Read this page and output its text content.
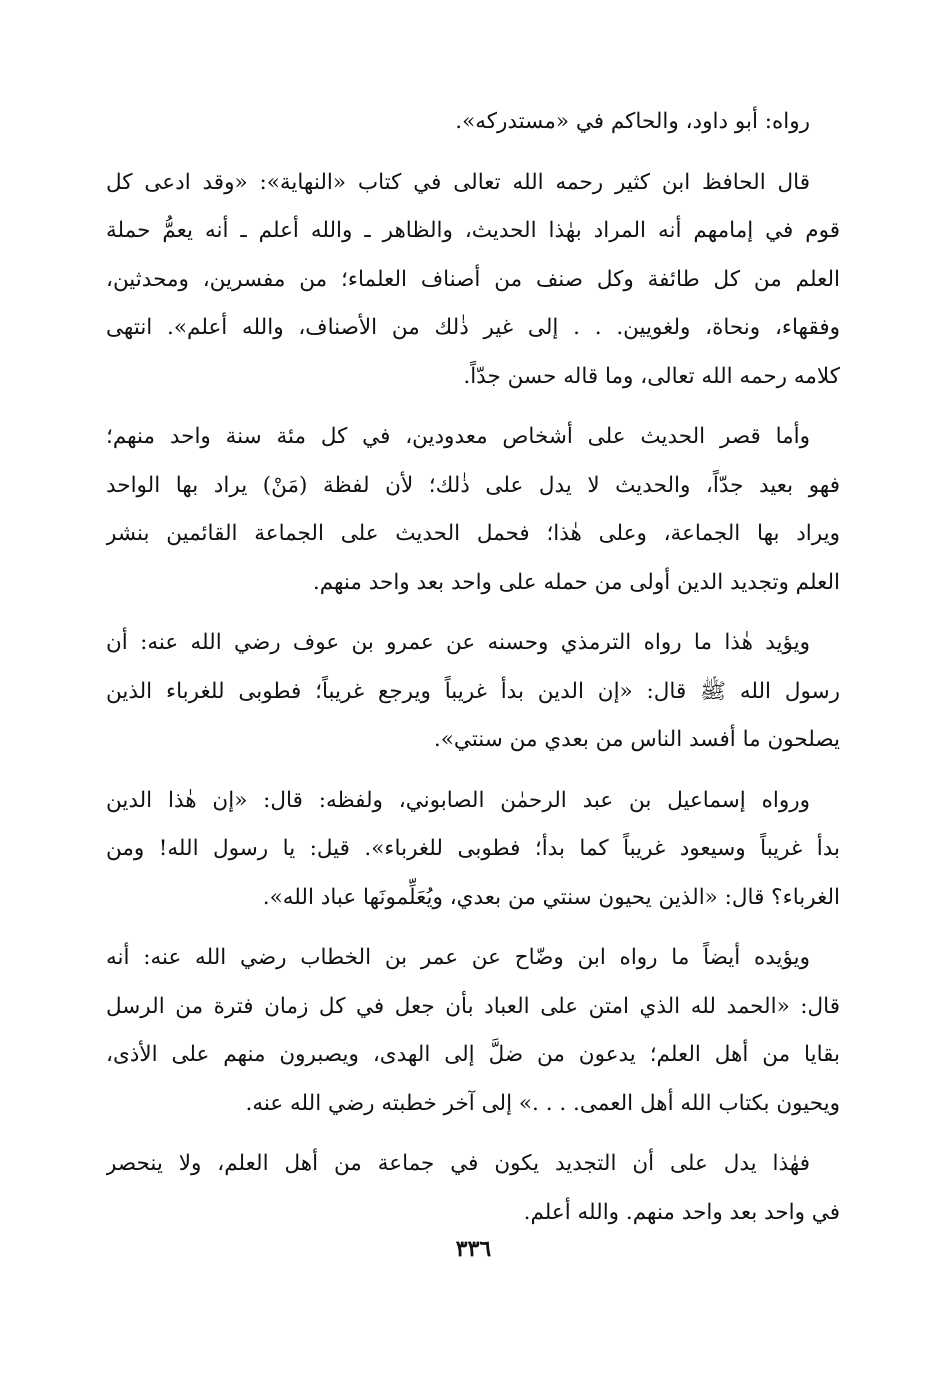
رواه: أبو داود، والحاكم في «مستدركه».

قال الحافظ ابن كثير رحمه الله تعالى في كتاب «النهاية»: «وقد ادعى كل
قوم في إمامهم أنه المراد بهٰذا الحديث، والظاهر ـ والله أعلم ـ أنه يعمُّ حملة
العلم من كل طائفة وكل صنف من أصناف العلماء؛ من مفسرين، ومحدثين،
وفقهاء، ونحاة، ولغويين. . . إلى غير ذٰلك من الأصناف، والله أعلم». انتهى
كلامه رحمه الله تعالى، وما قاله حسن جدّاً.

وأما قصر الحديث على أشخاص معدودين، في كل مئة سنة واحد منهم؛
فهو بعيد جدّاً، والحديث لا يدل على ذٰلك؛ لأن لفظة (مَنْ) يراد بها الواحد
ويراد بها الجماعة، وعلى هٰذا؛ فحمل الحديث على الجماعة القائمين بنشر
العلم وتجديد الدين أولى من حمله على واحد بعد واحد منهم.

ويؤيد هٰذا ما رواه الترمذي وحسنه عن عمرو بن عوف رضي الله عنه: أن
رسول الله ﷺ قال: «إن الدين بدأ غريباً ويرجع غريباً؛ فطوبى للغرباء الذين
يصلحون ما أفسد الناس من بعدي من سنتي».

ورواه إسماعيل بن عبد الرحمٰن الصابوني، ولفظه: قال: «إن هٰذا الدين
بدأ غريباً وسيعود غريباً كما بدأ؛ فطوبى للغرباء». قيل: يا رسول الله! ومن
الغرباء؟ قال: «الذين يحيون سنتي من بعدي، ويُعَلِّمونَها عباد الله».

ويؤيده أيضاً ما رواه ابن وضّاح عن عمر بن الخطاب رضي الله عنه: أنه
قال: «الحمد لله الذي امتن على العباد بأن جعل في كل زمان فترة من الرسل
بقايا من أهل العلم؛ يدعون من ضلَّ إلى الهدى، ويصبرون منهم على الأذى،
ويحيون بكتاب الله أهل العمى. . . .» إلى آخر خطبته رضي الله عنه.

فهٰذا يدل على أن التجديد يكون في جماعة من أهل العلم، ولا ينحصر
في واحد بعد واحد منهم. والله أعلم.

٣٣٦
